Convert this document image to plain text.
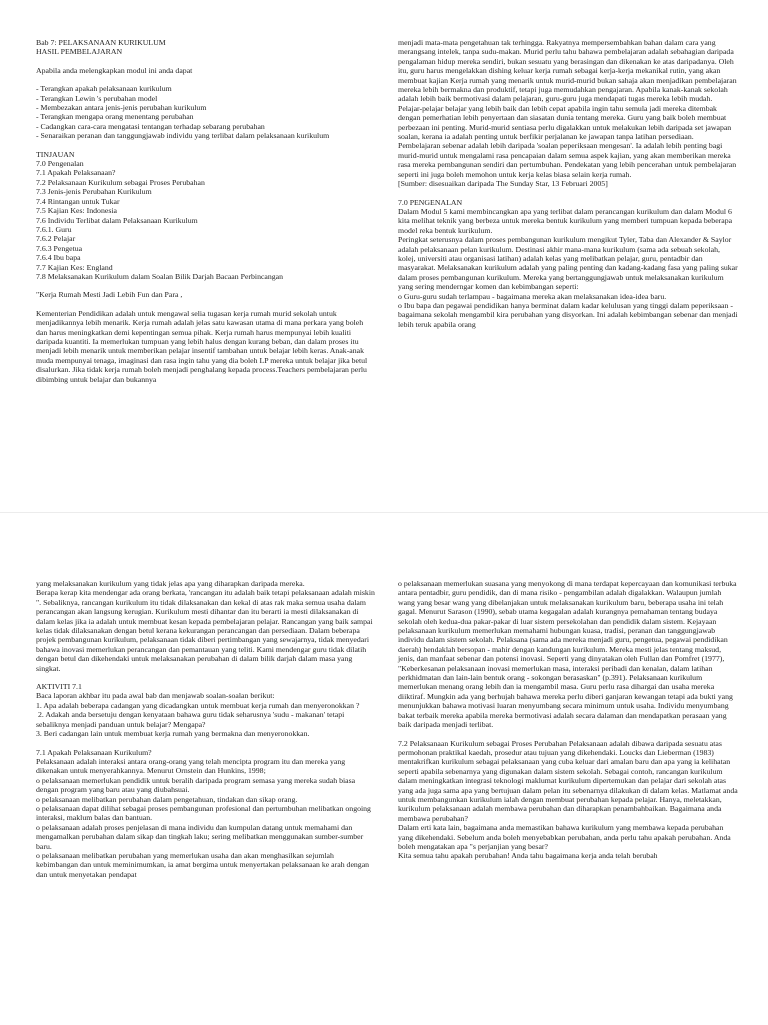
Bab 7: PELAKSANAAN KURIKULUM

HASIL PEMBELAJARAN

Apabila anda melengkapkan modul ini anda dapat

- Terangkan apakah pelaksanaan kurikulum

- Terangkan Lewin 's perubahan model

- Membezakan antara jenis-jenis perubahan kurikulum

- Terangkan mengapa orang menentang perubahan

- Cadangkan cara-cara mengatasi tentangan terhadap sebarang perubahan

- Senaraikan peranan dan tanggungjawab individu yang terlibat dalam pelaksanaan kurikulum

TINJAUAN

7.0 Pengenalan

7.1 Apakah Pelaksanaan?

7.2 Pelaksanaan Kurikulum sebagai Proses Perubahan

7.3 Jenis-jenis Perubahan Kurikulum

7.4 Rintangan untuk Tukar

7.5 Kajian Kes: Indonesia

7.6 Individu Terlibat dalam Pelaksanaan Kurikulum

7.6.1. Guru

7.6.2 Pelajar

7.6.3 Pengetua

7.6.4 Ibu bapa

7.7 Kajian Kes: England

7.8 Melaksanakan Kurikulum dalam Soalan Bilik Darjah Bacaan Perbincangan

"Kerja Rumah Mesti Jadi Lebih Fun dan Para ,

Kementerian Pendidikan adalah untuk mengawal selia tugasan kerja rumah murid sekolah untuk menjadikannya lebih menarik. Kerja rumah adalah jelas satu kawasan utama di mana perkara yang boleh dan harus meningkatkan demi kepentingan semua pihak. Kerja rumah harus mempunyai lebih kualiti daripada kuantiti. Ia memerlukan tumpuan yang lebih halus dengan kurang beban, dan dalam proses itu menjadi lebih menarik untuk memberikan pelajar insentif tambahan untuk belajar lebih keras. Anak-anak muda mempunyai tenaga, imaginasi dan rasa ingin tahu yang dia boleh LP mereka untuk belajar jika betul disalurkan. Jika tidak kerja rumah boleh menjadi penghalang kepada process.Teachers pembelajaran perlu dibimbing untuk belajar dan bukannya

menjadi mata-mata pengetahuan tak terhingga. Rakyatnya mempersembahkan bahan dalam cara yang merangsang intelek, tanpa sudu-makan. Murid perlu tahu bahawa pembelajaran adalah sebahagian daripada pengalaman hidup mereka sendiri, bukan sesuatu yang berasingan dan dikenakan ke atas daripadanya. Oleh itu, guru harus mengelakkan dishing keluar kerja rumah sebagai kerja-kerja mekanikal rutin, yang akan membuat kajian Kerja rumah yang menarik untuk murid-murid bukan sahaja akan menjadikan pembelajaran mereka lebih bermakna dan produktif, tetapi juga memudahkan pengajaran. Apabila kanak-kanak sekolah adalah lebih baik bermotivasi dalam pelajaran, guru-guru juga mendapati tugas mereka lebih mudah. Pelajar-pelajar belajar yang lebih baik dan lebih cepat apabila ingin tahu semula jadi mereka ditembak dengan pemerhatian lebih penyertaan dan siasatan dunia tentang mereka. Guru yang baik boleh membuat perbezaan ini penting. Murid-murid sentiasa perlu digalakkan untuk melakukan lebih daripada set jawapan soalan, kerana ia adalah penting untuk berfikir perjalanan ke jawapan tanpa latihan persediaan. Pembelajaran sebenar adalah lebih daripada 'soalan peperiksaan mengesan'. Ia adalah lebih penting bagi murid-murid untuk mengalami rasa pencapaian dalam semua aspek kajian, yang akan memberikan mereka rasa mereka pembangunan sendiri dan pertumbuhan. Pendekatan yang lebih pencerahan untuk pembelajaran seperti ini juga boleh memohon untuk kerja kelas biasa selain kerja rumah.

[Sumber: disesuaikan daripada The Sunday Star, 13 Februari 2005]

7.0 PENGENALAN

Dalam Modul 5 kami membincangkan apa yang terlibat dalam perancangan kurikulum dan dalam Modul 6
kita melihat teknik yang berbeza untuk mereka bentuk kurikulum yang memberi tumpuan kepada beberapa model reka bentuk kurikulum.
Peringkat seterusnya dalam proses pembangunan kurikulum mengikut Tyler, Taba dan Alexander & Saylor adalah pelaksanaan pelan kurikulum. Destinasi akhir mana-mana kurikulum (sama ada sebuah sekolah, kolej, universiti atau organisasi latihan) adalah kelas yang melibatkan pelajar, guru, pentadbir dan masyarakat. Melaksanakan kurikulum adalah yang paling penting dan kadang-kadang fasa yang paling sukar dalam proses pembangunan kurikulum. Mereka yang bertanggungjawab untuk melaksanakan kurikulum yang sering menderngar komen dan kebimbangan seperti:

o Guru-guru sudah terlampau - bagaimana mereka akan melaksanakan idea-idea baru.

o Ibu bapa dan pegawai pendidikan hanya berminat dalam kadar kelulusan yang tinggi dalam peperiksaan - bagaimana sekolah mengambil kira perubahan yang disyorkan. Ini adalah kebimbangan sebenar dan menjadi lebih teruk apabila orang

yang melaksanakan kurikulum yang tidak jelas apa yang diharapkan daripada mereka.
Berapa kerap kita mendengar ada orang berkata, 'rancangan itu adalah baik tetapi pelaksanaan adalah miskin ". Sebaliknya, rancangan kurikulum itu tidak dilaksanakan dan kekal di atas rak maka semua usaha dalam perancangan akan langsung kerugian. Kurikulum mesti dihantar dan itu berarti ia mesti dilaksanakan di dalam kelas jika ia adalah untuk membuat kesan kepada pembelajaran pelajar. Rancangan yang baik sampai kelas tidak dilaksanakan dengan betul kerana kekurangan perancangan dan persediaan. Dalam beberapa projek pembangunan kurikulum, pelaksanaan tidak diberi pertimbangan yang sewajarnya, tidak menyedari bahawa inovasi memerlukan perancangan dan pemantauan yang teliti. Kami mendengar guru tidak dilatih dengan betul dan dikehendaki untuk melaksanakan perubahan di dalam bilik darjah dalam masa yang singkat.

AKTIVITI 7.1

Baca laporan akhbar itu pada awal bab dan menjawab soalan-soalan berikut:

1. Apa adalah beberapa cadangan yang dicadangkan untuk membuat kerja rumah dan menyeronokkan ?

2. Adakah anda bersetuju dengan kenyataan bahawa guru tidak seharusnya 'sudu - makanan' tetapi sebaliknya menjadi panduan untuk belajar? Mengapa?

3. Beri cadangan lain untuk membuat kerja rumah yang bermakna dan menyeronokkan.

7.1 Apakah Pelaksanaan Kurikulum?

Pelaksanaan adalah interaksi antara orang-orang yang telah mencipta program itu dan mereka yang dikenakan untuk menyerahkannya. Menurut Ornstein dan Hunkins, 1998;

o pelaksanaan memerlukan pendidik untuk beralih daripada program semasa yang mereka sudah biasa dengan program yang baru atau yang diubahsuai.

o pelaksanaan melibatkan perubahan dalam pengetahuan, tindakan dan sikap orang.

o pelaksanaan dapat dilihat sebagai proses pembangunan profesional dan pertumbuhan melibatkan ongoing interaksi, maklum balas dan bantuan.

o pelaksanaan adalah proses penjelasan di mana individu dan kumpulan datang untuk memahami dan mengamalkan perubahan dalam sikap dan tingkah laku; sering melibatkan menggunakan sumber-sumber baru.

o pelaksanaan melibatkan perubahan yang memerlukan usaha dan akan menghasilkan sejumlah kebimbangan dan untuk meminimumkan, ia amat bergima untuk menyertakan pelaksanaan ke arah dengan dan untuk menyetakan pendapat

o pelaksanaan memerlukan suasana yang menyokong di mana terdapat kepercayaan dan komunikasi terbuka antara pentadbir, guru pendidik, dan di mana risiko - pengambilan adalah digalakkan. Walaupun jumlah wang yang besar wang yang dibelanjakan untuk melaksanakan kurikulum baru, beberapa usaha ini telah gagal. Menurut Sarason (1990), sebab utama kegagalan adalah kurangnya pemahaman tentang budaya sekolah oleh kedua-dua pakar-pakar di luar sistem persekolahan dan pendidik dalam sistem. Kejayaan pelaksanaan kurikulum memerlukan memahami hubungan kuasa, tradisi, peranan dan tanggungjawab individu dalam sistem sekolah. Pelaksana (sama ada mereka menjadi guru, pengetua, pegawai pendidikan daerah) hendaklah bersopan - mahir dengan kandungan kurikulum. Mereka mesti jelas tentang maksud, jenis, dan manfaat sebenar dan potensi inovasi. Seperti yang dinyatakan oleh Fullan dan Pomfret (1977), "Keberkesanan pelaksanaan inovasi memerlukan masa, interaksi peribadi dan kenalan, dalam latihan perkhidmatan dan lain-lain bentuk orang - sokongan berasaskan" (p.391). Pelaksanaan kurikulum memerlukan menang orang lebih dan ia mengambil masa. Guru perlu rasa dihargai dan usaha mereka diiktiraf. Mungkin ada yang berhujah bahawa mereka perlu diberi ganjaran kewangan tetapi ada bukti yang menunjukkan bahawa motivasi luaran menyumbang secara minimum untuk usaha. Individu menyumbang bakat terbaik mereka apabila mereka bermotivasi adalah secara dalaman dan mendapatkan perasaan yang baik daripada menjadi terlibat.

7.2 Pelaksanaan Kurikulum sebagai Proses Perubahan Pelaksanaan adalah dibawa daripada sesuatu atas permohonan praktikal kaedah, prosedur atau tujuan yang dikehendaki. Loucks dan Lieberman (1983) mentakrifkan kurikulum sebagai pelaksanaan yang cuba keluar dari amalan baru dan apa yang ia kelihatan seperti apabila sebenarnya yang digunakan dalam sistem sekolah. Sebagai contoh, rancangan kurikulum dalam meningkatkan integrasi teknologi maklumat kurikulum dipertemukan dan pelajar dari sekolah atas yang ada juga sama apa yang bertujuan dalam pelan itu sebenarnya dilakukan di dalam kelas. Matlamat anda untuk membangunkan kurikulum ialah dengan membuat perubahan kepada pelajar. Hanya, meletakkan, kurikulum pelaksanaan adalah membawa perubahan dan diharapkan penambahbaikan. Bagaimana anda membawa perubahan?
Dalam erti kata lain, bagaimana anda memastikan bahawa kurikulum yang membawa kepada perubahan yang dikehendaki. Sebelum anda boleh menyebabkan perubahan, anda perlu tahu apakah perubahan. Anda boleh mengatakan apa "s perjanjian yang besar?
Kita semua tahu apakah perubahan! Anda tahu bagaimana kerja anda telah berubah
